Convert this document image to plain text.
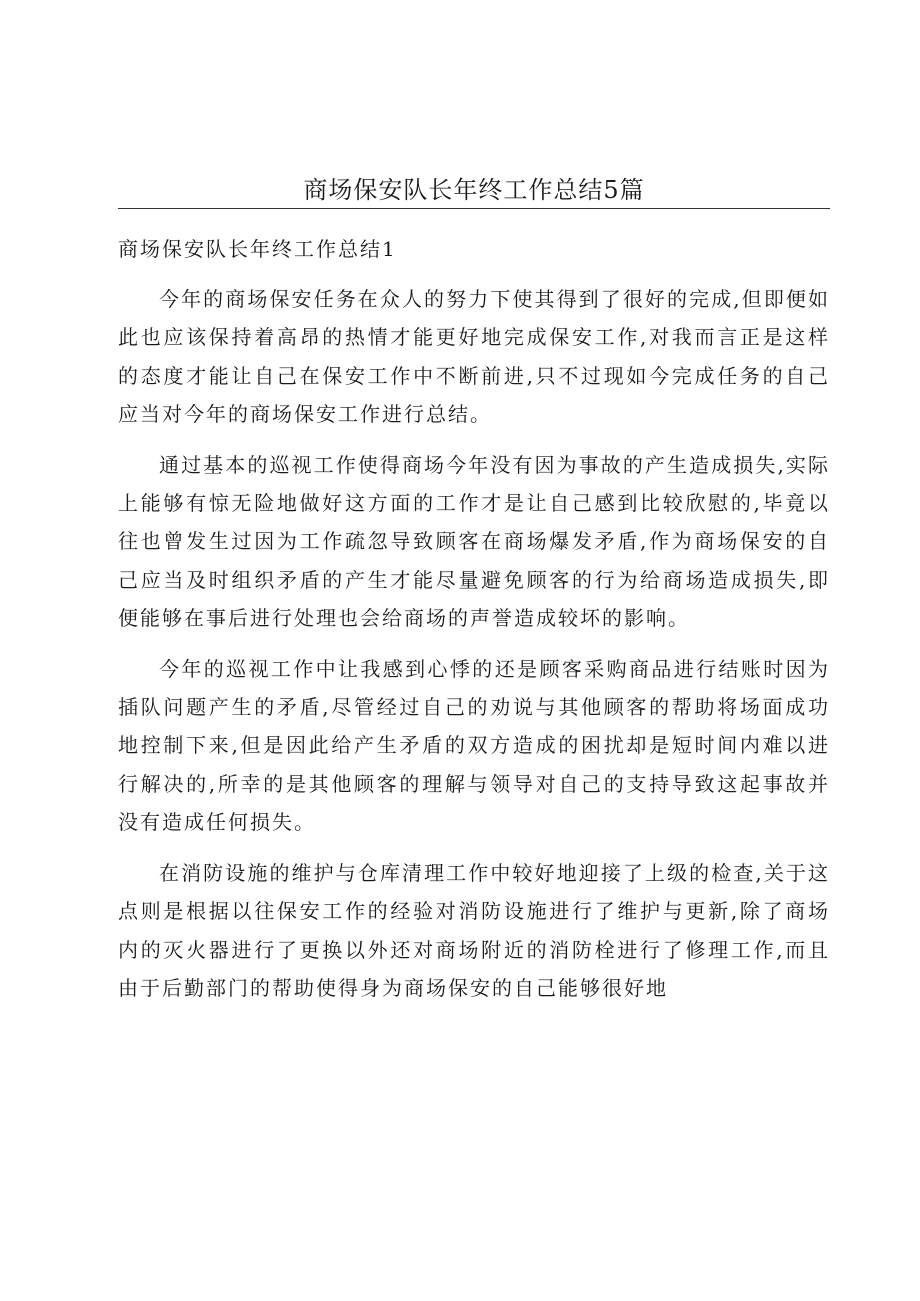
商场保安队长年终工作总结5篇
商场保安队长年终工作总结1

今年的商场保安任务在众人的努力下使其得到了很好的完成,但即便如此也应该保持着高昂的热情才能更好地完成保安工作,对我而言正是这样的态度才能让自己在保安工作中不断前进,只不过现如今完成任务的自己应当对今年的商场保安工作进行总结。

通过基本的巡视工作使得商场今年没有因为事故的产生造成损失,实际上能够有惊无险地做好这方面的工作才是让自己感到比较欣慰的,毕竟以往也曾发生过因为工作疏忽导致顾客在商场爆发矛盾,作为商场保安的自己应当及时组织矛盾的产生才能尽量避免顾客的行为给商场造成损失,即便能够在事后进行处理也会给商场的声誉造成较坏的影响。

今年的巡视工作中让我感到心悸的还是顾客采购商品进行结账时因为插队问题产生的矛盾,尽管经过自己的劝说与其他顾客的帮助将场面成功地控制下来,但是因此给产生矛盾的双方造成的困扰却是短时间内难以进行解决的,所幸的是其他顾客的理解与领导对自己的支持导致这起事故并没有造成任何损失。

在消防设施的维护与仓库清理工作中较好地迎接了上级的检查,关于这点则是根据以往保安工作的经验对消防设施进行了维护与更新,除了商场内的灭火器进行了更换以外还对商场附近的消防栓进行了修理工作,而且由于后勤部门的帮助使得身为商场保安的自己能够很好地
